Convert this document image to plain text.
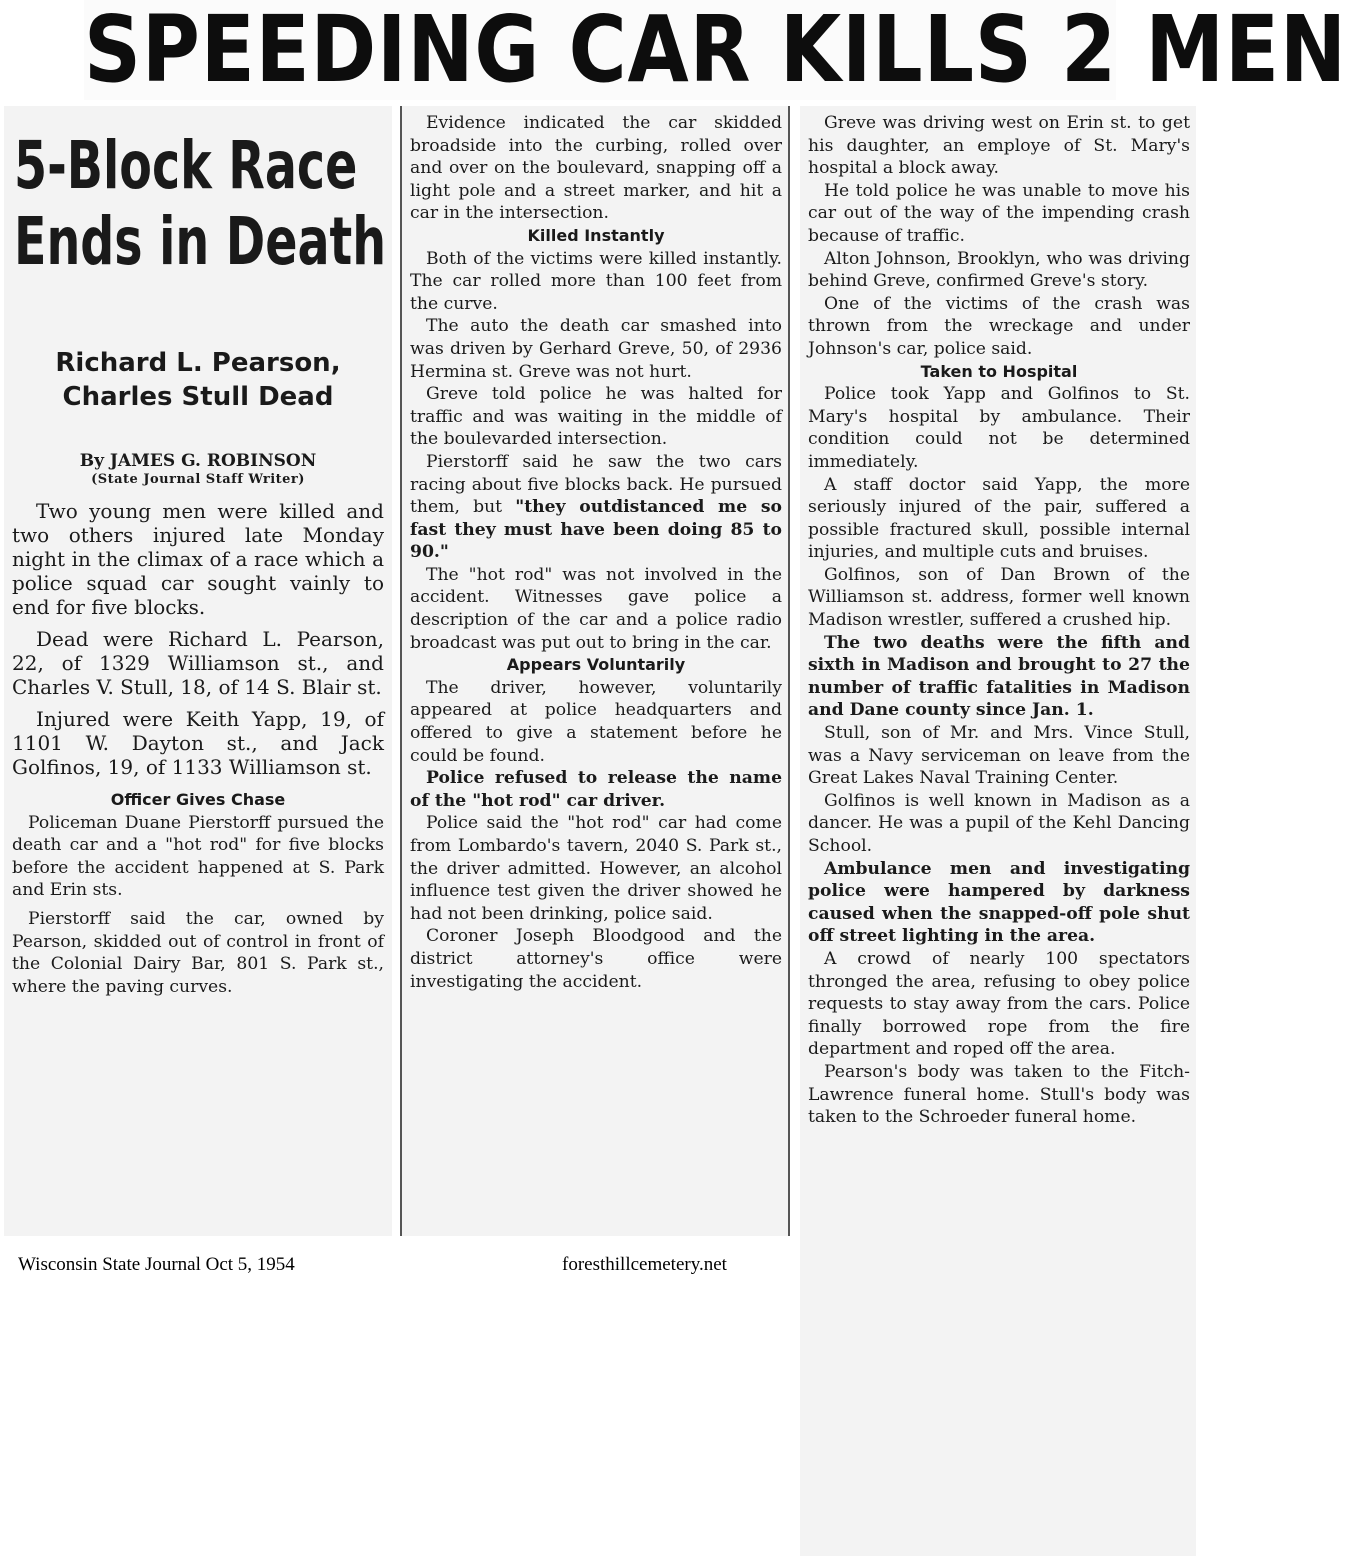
SPEEDING CAR KILLS 2 MEN
5-Block Race
Ends in Death
Richard L. Pearson,
Charles Stull Dead
By JAMES G. ROBINSON
(State Journal Staff Writer)

Two young men were killed and two others injured late Monday night in the climax of a race which a police squad car sought vainly to end for five blocks.

Dead were Richard L. Pearson, 22, of 1329 Williamson st., and Charles V. Stull, 18, of 14 S. Blair st.

Injured were Keith Yapp, 19, of 1101 W. Dayton st., and Jack Golfinos, 19, of 1133 Williamson st.

Officer Gives Chase

Policeman Duane Pierstorff pursued the death car and a "hot rod" for five blocks before the accident happened at S. Park and Erin sts.

Pierstorff said the car, owned by Pearson, skidded out of control in front of the Colonial Dairy Bar, 801 S. Park st., where the paving curves.

Evidence indicated the car skidded broadside into the curbing, rolled over and over on the boulevard, snapping off a light pole and a street marker, and hit a car in the intersection.

Killed Instantly

Both of the victims were killed instantly. The car rolled more than 100 feet from the curve.

The auto the death car smashed into was driven by Gerhard Greve, 50, of 2936 Hermina st. Greve was not hurt.

Greve told police he was halted for traffic and was waiting in the middle of the boulevarded intersection.

Pierstorff said he saw the two cars racing about five blocks back. He pursued them, but "they outdistanced me so fast they must have been doing 85 to 90."

The "hot rod" was not involved in the accident. Witnesses gave police a description of the car and a police radio broadcast was put out to bring in the car.

Appears Voluntarily

The driver, however, voluntarily appeared at police headquarters and offered to give a statement before he could be found.

Police refused to release the name of the "hot rod" car driver.

Police said the "hot rod" car had come from Lombardo's tavern, 2040 S. Park st., the driver admitted. However, an alcohol influence test given the driver showed he had not been drinking, police said.

Coroner Joseph Bloodgood and the district attorney's office were investigating the accident.

Greve was driving west on Erin st. to get his daughter, an employe of St. Mary's hospital a block away.

He told police he was unable to move his car out of the way of the impending crash because of traffic.

Alton Johnson, Brooklyn, who was driving behind Greve, confirmed Greve's story.

One of the victims of the crash was thrown from the wreckage and under Johnson's car, police said.

Taken to Hospital

Police took Yapp and Golfinos to St. Mary's hospital by ambulance. Their condition could not be determined immediately.

A staff doctor said Yapp, the more seriously injured of the pair, suffered a possible fractured skull, possible internal injuries, and multiple cuts and bruises.

Golfinos, son of Dan Brown of the Williamson st. address, former well known Madison wrestler, suffered a crushed hip.

The two deaths were the fifth and sixth in Madison and brought to 27 the number of traffic fatalities in Madison and Dane county since Jan. 1.

Stull, son of Mr. and Mrs. Vince Stull, was a Navy serviceman on leave from the Great Lakes Naval Training Center.

Golfinos is well known in Madison as a dancer. He was a pupil of the Kehl Dancing School.

Ambulance men and investigating police were hampered by darkness caused when the snapped-off pole shut off street lighting in the area.

A crowd of nearly 100 spectators thronged the area, refusing to obey police requests to stay away from the cars. Police finally borrowed rope from the fire department and roped off the area.

Pearson's body was taken to the Fitch-Lawrence funeral home. Stull's body was taken to the Schroeder funeral home.

Wisconsin State Journal Oct 5, 1954	foresthillcemetery.net
